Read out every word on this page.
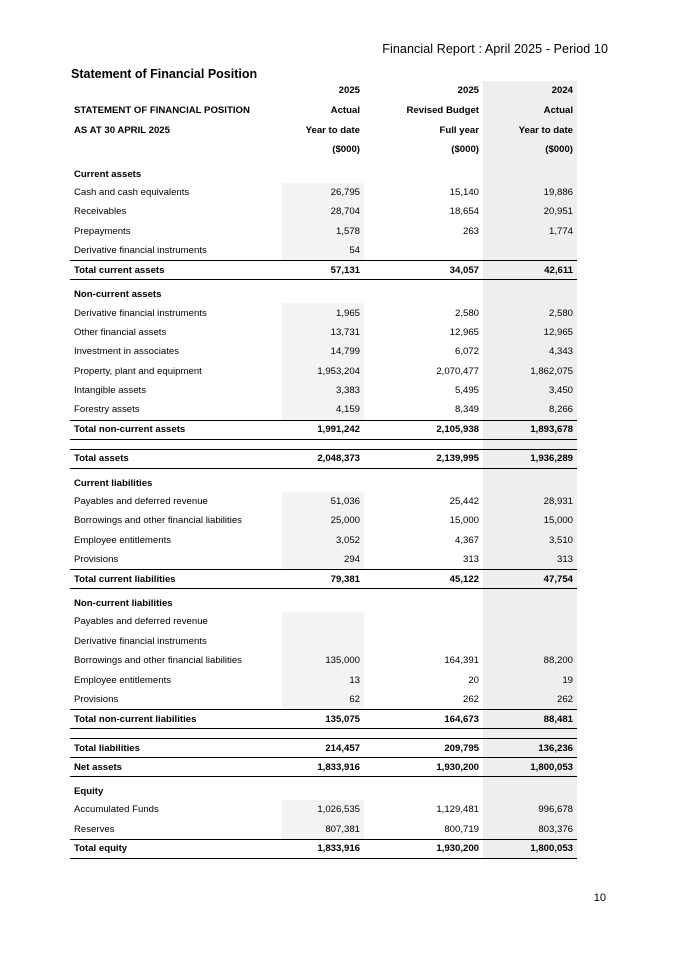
Financial Report : April 2025 - Period 10
Statement of Financial Position
	2025	2025	2024
STATEMENT OF FINANCIAL POSITION	Actual	Revised Budget	Actual
AS AT 30 APRIL 2025	Year to date	Full year	Year to date
	($000)	($000)	($000)
Current assets			
Cash and cash equivalents	26,795	15,140	19,886
Receivables	28,704	18,654	20,951
Prepayments	1,578	263	1,774
Derivative financial instruments	54		
Total current assets	57,131	34,057	42,611
Non-current assets			
Derivative financial instruments	1,965	2,580	2,580
Other financial assets	13,731	12,965	12,965
Investment in associates	14,799	6,072	4,343
Property, plant and equipment	1,953,204	2,070,477	1,862,075
Intangible assets	3,383	5,495	3,450
Forestry assets	4,159	8,349	8,266
Total non-current assets	1,991,242	2,105,938	1,893,678

Total assets	2,048,373	2,139,995	1,936,289
Current liabilities			
Payables and deferred revenue	51,036	25,442	28,931
Borrowings and other financial liabilities	25,000	15,000	15,000
Employee entitlements	3,052	4,367	3,510
Provisions	294	313	313
Total current liabilities	79,381	45,122	47,754
Non-current liabilities			
Payables and deferred revenue			
Derivative financial instruments			
Borrowings and other financial liabilities	135,000	164,391	88,200
Employee entitlements	13	20	19
Provisions	62	262	262
Total non-current liabilities	135,075	164,673	88,481

Total liabilities	214,457	209,795	136,236
Net assets	1,833,916	1,930,200	1,800,053
Equity			
Accumulated Funds	1,026,535	1,129,481	996,678
Reserves	807,381	800,719	803,376
Total equity	1,833,916	1,930,200	1,800,053
10
